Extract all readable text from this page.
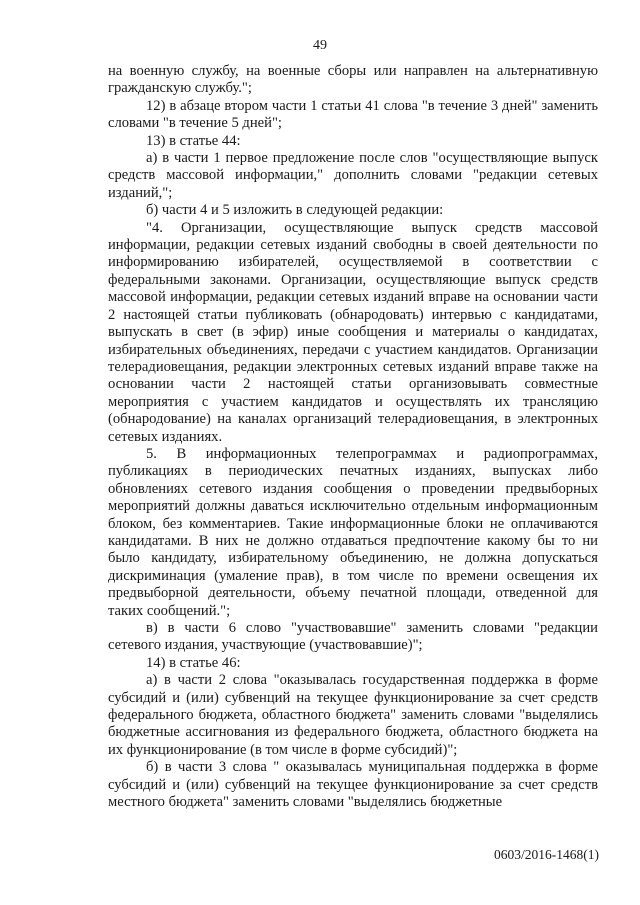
49

на военную службу, на военные сборы или направлен на альтернативную гражданскую службу.";

12) в абзаце втором части 1 статьи 41 слова "в течение 3 дней" заменить словами "в течение 5 дней";

13) в статье 44:

а) в части 1 первое предложение после слов "осуществляющие выпуск средств массовой информации," дополнить словами "редакции сетевых изданий,";

б) части 4 и 5 изложить в следующей редакции:

"4. Организации, осуществляющие выпуск средств массовой информации, редакции сетевых изданий свободны в своей деятельности по информированию избирателей, осуществляемой в соответствии с федеральными законами. Организации, осуществляющие выпуск средств массовой информации, редакции сетевых изданий вправе на основании части 2 настоящей статьи публиковать (обнародовать) интервью с кандидатами, выпускать в свет (в эфир) иные сообщения и материалы о кандидатах, избирательных объединениях, передачи с участием кандидатов. Организации телерадиовещания, редакции электронных сетевых изданий вправе также на основании части 2 настоящей статьи организовывать совместные мероприятия с участием кандидатов и осуществлять их трансляцию (обнародование) на каналах организаций телерадиовещания, в электронных сетевых изданиях.

5. В информационных телепрограммах и радиопрограммах, публикациях в периодических печатных изданиях, выпусках либо обновлениях сетевого издания сообщения о проведении предвыборных мероприятий должны даваться исключительно отдельным информационным блоком, без комментариев. Такие информационные блоки не оплачиваются кандидатами. В них не должно отдаваться предпочтение какому бы то ни было кандидату, избирательному объединению, не должна допускаться дискриминация (умаление прав), в том числе по времени освещения их предвыборной деятельности, объему печатной площади, отведенной для таких сообщений.";

в) в части 6 слово "участвовавшие" заменить словами "редакции сетевого издания, участвующие (участвовавшие)";

14) в статье 46:

а) в части 2 слова "оказывалась государственная поддержка в форме субсидий и (или) субвенций на текущее функционирование за счет средств федерального бюджета, областного бюджета" заменить словами "выделялись бюджетные ассигнования из федерального бюджета, областного бюджета на их функционирование (в том числе в форме субсидий)";

б) в части 3 слова " оказывалась муниципальная поддержка в форме субсидий и (или) субвенций на текущее функционирование за счет средств местного бюджета" заменить словами "выделялись бюджетные

0603/2016-1468(1)
